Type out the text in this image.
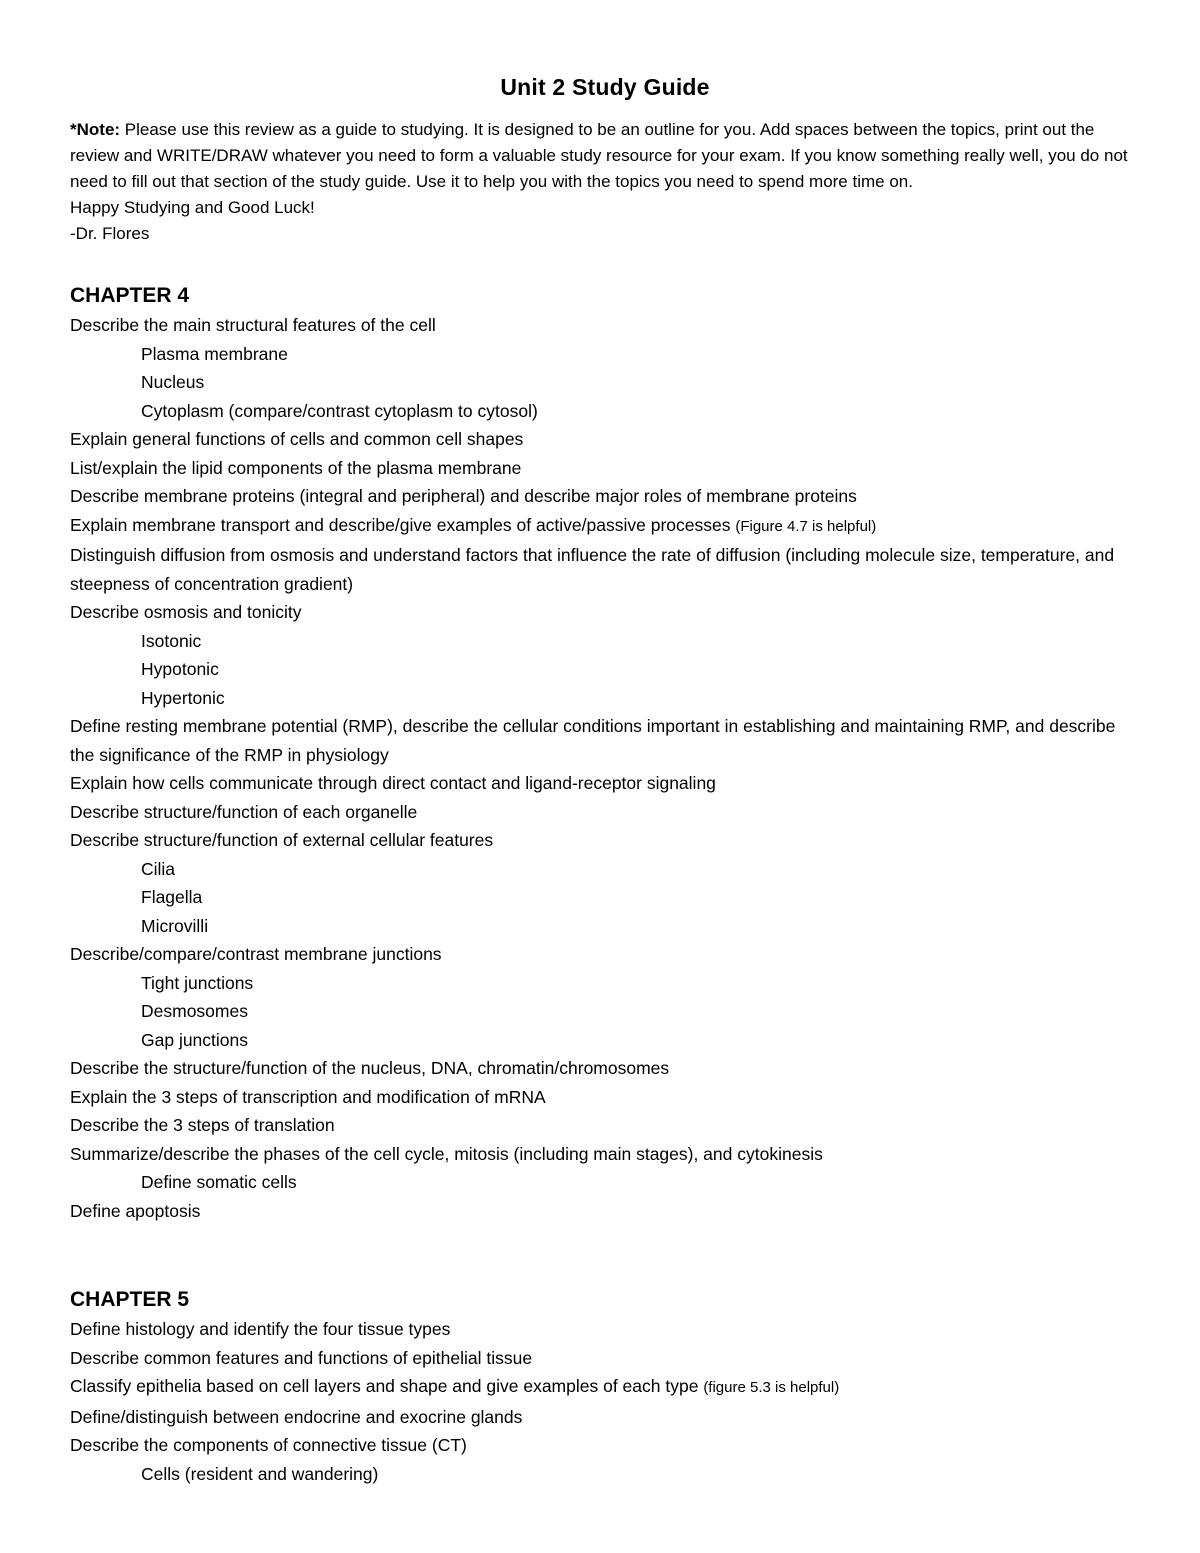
Unit 2 Study Guide

*Note: Please use this review as a guide to studying. It is designed to be an outline for you. Add spaces between the topics, print out the review and WRITE/DRAW whatever you need to form a valuable study resource for your exam. If you know something really well, you do not need to fill out that section of the study guide. Use it to help you with the topics you need to spend more time on.

Happy Studying and Good Luck!

-Dr. Flores

CHAPTER 4
Describe the main structural features of the cell
Plasma membrane
Nucleus
Cytoplasm (compare/contrast cytoplasm to cytosol)
Explain general functions of cells and common cell shapes
List/explain the lipid components of the plasma membrane
Describe membrane proteins (integral and peripheral) and describe major roles of membrane proteins
Explain membrane transport and describe/give examples of active/passive processes (Figure 4.7 is helpful)
Distinguish diffusion from osmosis and understand factors that influence the rate of diffusion (including molecule size, temperature, and steepness of concentration gradient)
Describe osmosis and tonicity
Isotonic
Hypotonic
Hypertonic
Define resting membrane potential (RMP), describe the cellular conditions important in establishing and maintaining RMP, and describe the significance of the RMP in physiology
Explain how cells communicate through direct contact and ligand-receptor signaling
Describe structure/function of each organelle
Describe structure/function of external cellular features
Cilia
Flagella
Microvilli
Describe/compare/contrast membrane junctions
Tight junctions
Desmosomes
Gap junctions
Describe the structure/function of the nucleus, DNA, chromatin/chromosomes
Explain the 3 steps of transcription and modification of mRNA
Describe the 3 steps of translation
Summarize/describe the phases of the cell cycle, mitosis (including main stages), and cytokinesis
Define somatic cells
Define apoptosis
CHAPTER 5
Define histology and identify the four tissue types
Describe common features and functions of epithelial tissue
Classify epithelia based on cell layers and shape and give examples of each type (figure 5.3 is helpful)
Define/distinguish between endocrine and exocrine glands
Describe the components of connective tissue (CT)
Cells (resident and wandering)
